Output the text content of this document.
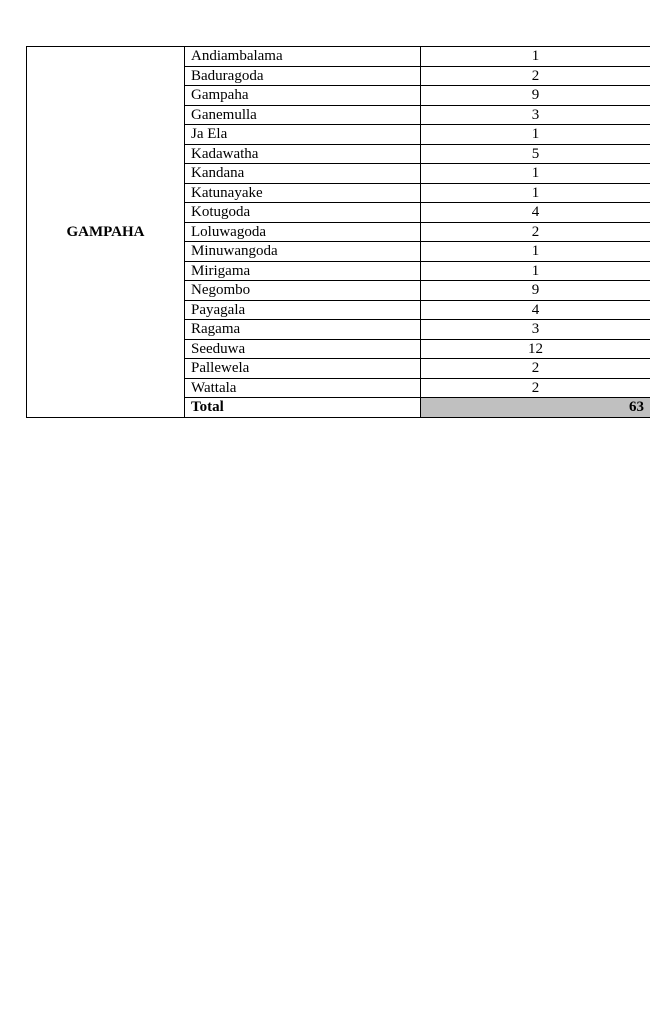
GAMPAHA	Andiambalama	1
	Baduragoda	2
	Gampaha	9
	Ganemulla	3
	Ja Ela	1
	Kadawatha	5
	Kandana	1
	Katunayake	1
	Kotugoda	4
	Loluwagoda	2
	Minuwangoda	1
	Mirigama	1
	Negombo	9
	Payagala	4
	Ragama	3
	Seeduwa	12
	Pallewela	2
	Wattala	2
	Total	63
